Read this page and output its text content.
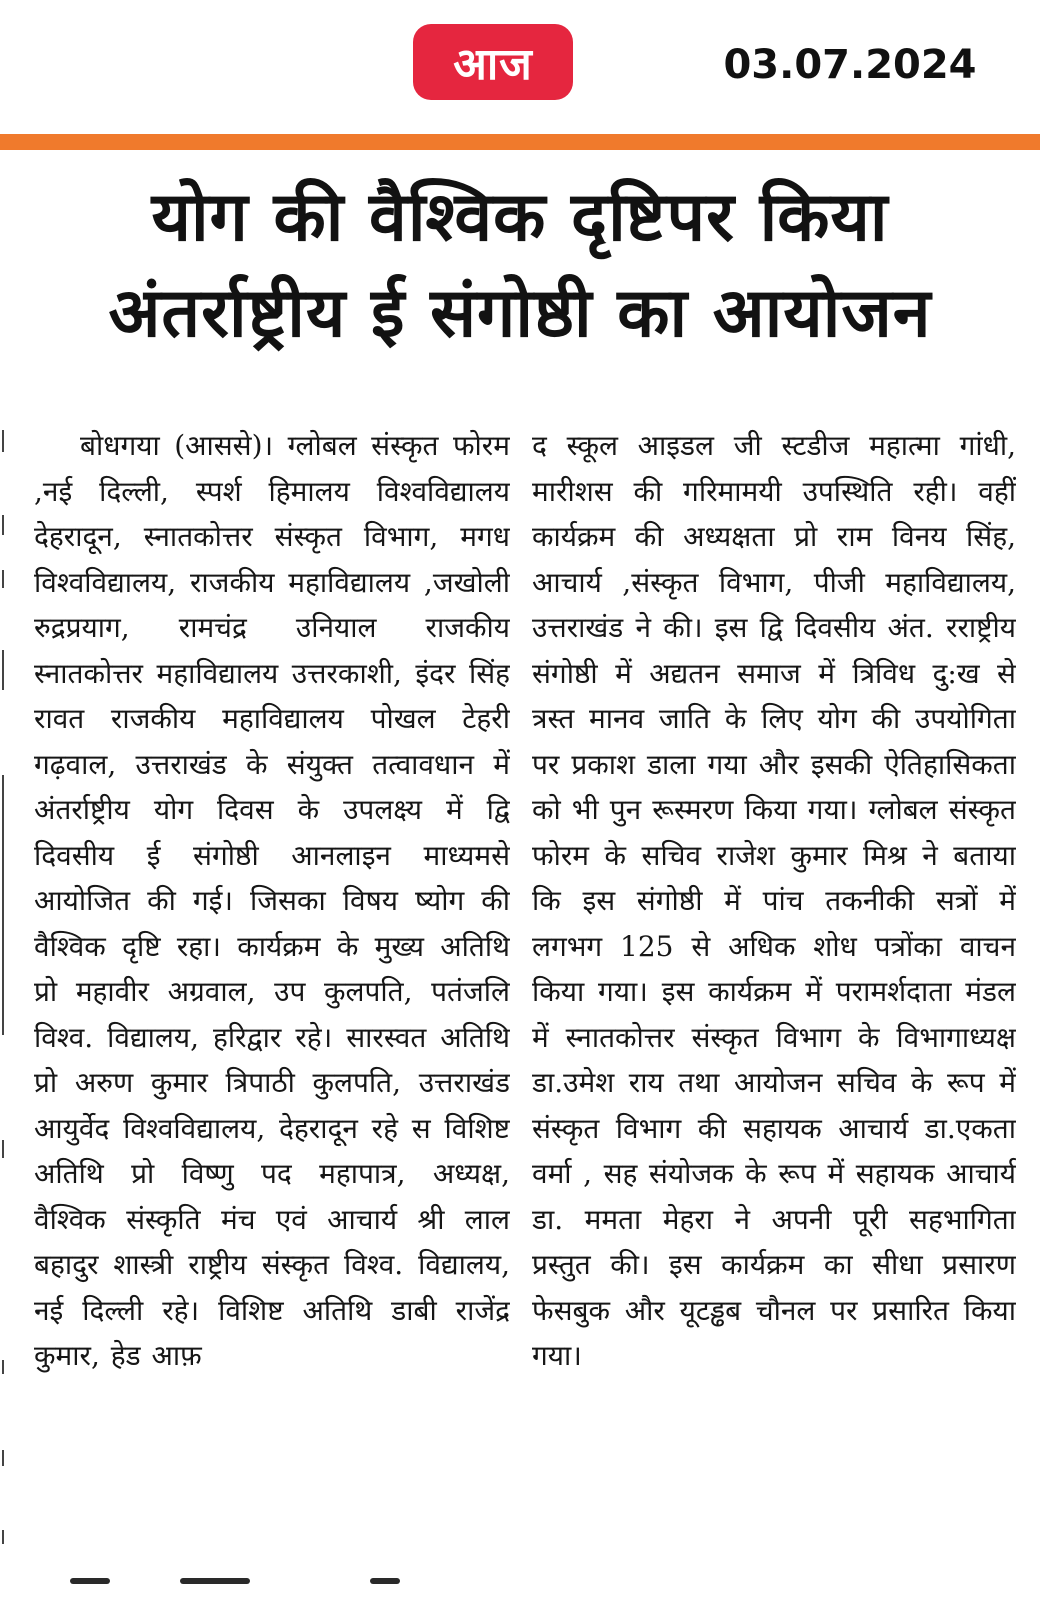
आज	03.07.2024
योग की वैश्विक दृष्टिपर किया
अंतर्राष्ट्रीय ई संगोष्ठी का आयोजन

बोधगया (आससे)। ग्लोबल संस्कृत फोरम ,नई दिल्ली, स्पर्श हिमालय विश्वविद्यालय देहरादून, स्नातकोत्तर संस्कृत विभाग, मगध विश्वविद्यालय, राजकीय महाविद्यालय ,जखोली रुद्रप्रयाग, रामचंद्र उनियाल राजकीय स्नातकोत्तर महाविद्यालय उत्तरकाशी, इंदर सिंह रावत राजकीय महाविद्यालय पोखल टेहरी गढ़वाल, उत्तराखंड के संयुक्त तत्वावधान में अंतर्राष्ट्रीय योग दिवस के उपलक्ष्य में द्वि दिवसीय ई संगोष्ठी आनलाइन माध्यमसे आयोजित की गई। जिसका विषय ष्योग की वैश्विक दृष्टि रहा। कार्यक्रम के मुख्य अतिथि प्रो महावीर अग्रवाल, उप कुलपति, पतंजलि विश्व. विद्यालय, हरिद्वार रहे। सारस्वत अतिथि प्रो अरुण कुमार त्रिपाठी कुलपति, उत्तराखंड आयुर्वेद विश्वविद्यालय, देहरादून रहे स विशिष्ट अतिथि प्रो विष्णु पद महापात्र, अध्यक्ष, वैश्विक संस्कृति मंच एवं आचार्य श्री लाल बहादुर शास्त्री राष्ट्रीय संस्कृत विश्व. विद्यालय, नई दिल्ली रहे। विशिष्ट अतिथि डाबी राजेंद्र कुमार, हेड आफ़

द स्कूल आइडल जी स्टडीज महात्मा गांधी, मारीशस की गरिमामयी उपस्थिति रही। वहीं कार्यक्रम की अध्यक्षता प्रो राम विनय सिंह, आचार्य ,संस्कृत विभाग, पीजी महाविद्यालय, उत्तराखंड ने की। इस द्वि दिवसीय अंत. रराष्ट्रीय संगोष्ठी में अद्यतन समाज में त्रिविध दु:ख से त्रस्त मानव जाति के लिए योग की उपयोगिता पर प्रकाश डाला गया और इसकी ऐतिहासिकता को भी पुन रूस्मरण किया गया। ग्लोबल संस्कृत फोरम के सचिव राजेश कुमार मिश्र ने बताया कि इस संगोष्ठी में पांच तकनीकी सत्रों में लगभग 125 से अधिक शोध पत्रोंका वाचन किया गया। इस कार्यक्रम में परामर्शदाता मंडल में स्नातकोत्तर संस्कृत विभाग के विभागाध्यक्ष डा.उमेश राय तथा आयोजन सचिव के रूप में संस्कृत विभाग की सहायक आचार्य डा.एकता वर्मा , सह संयोजक के रूप में सहायक आचार्य डा. ममता मेहरा ने अपनी पूरी सहभागिता प्रस्तुत की। इस कार्यक्रम का सीधा प्रसारण फेसबुक और यूटड्ढब चौनल पर प्रसारित किया गया।
